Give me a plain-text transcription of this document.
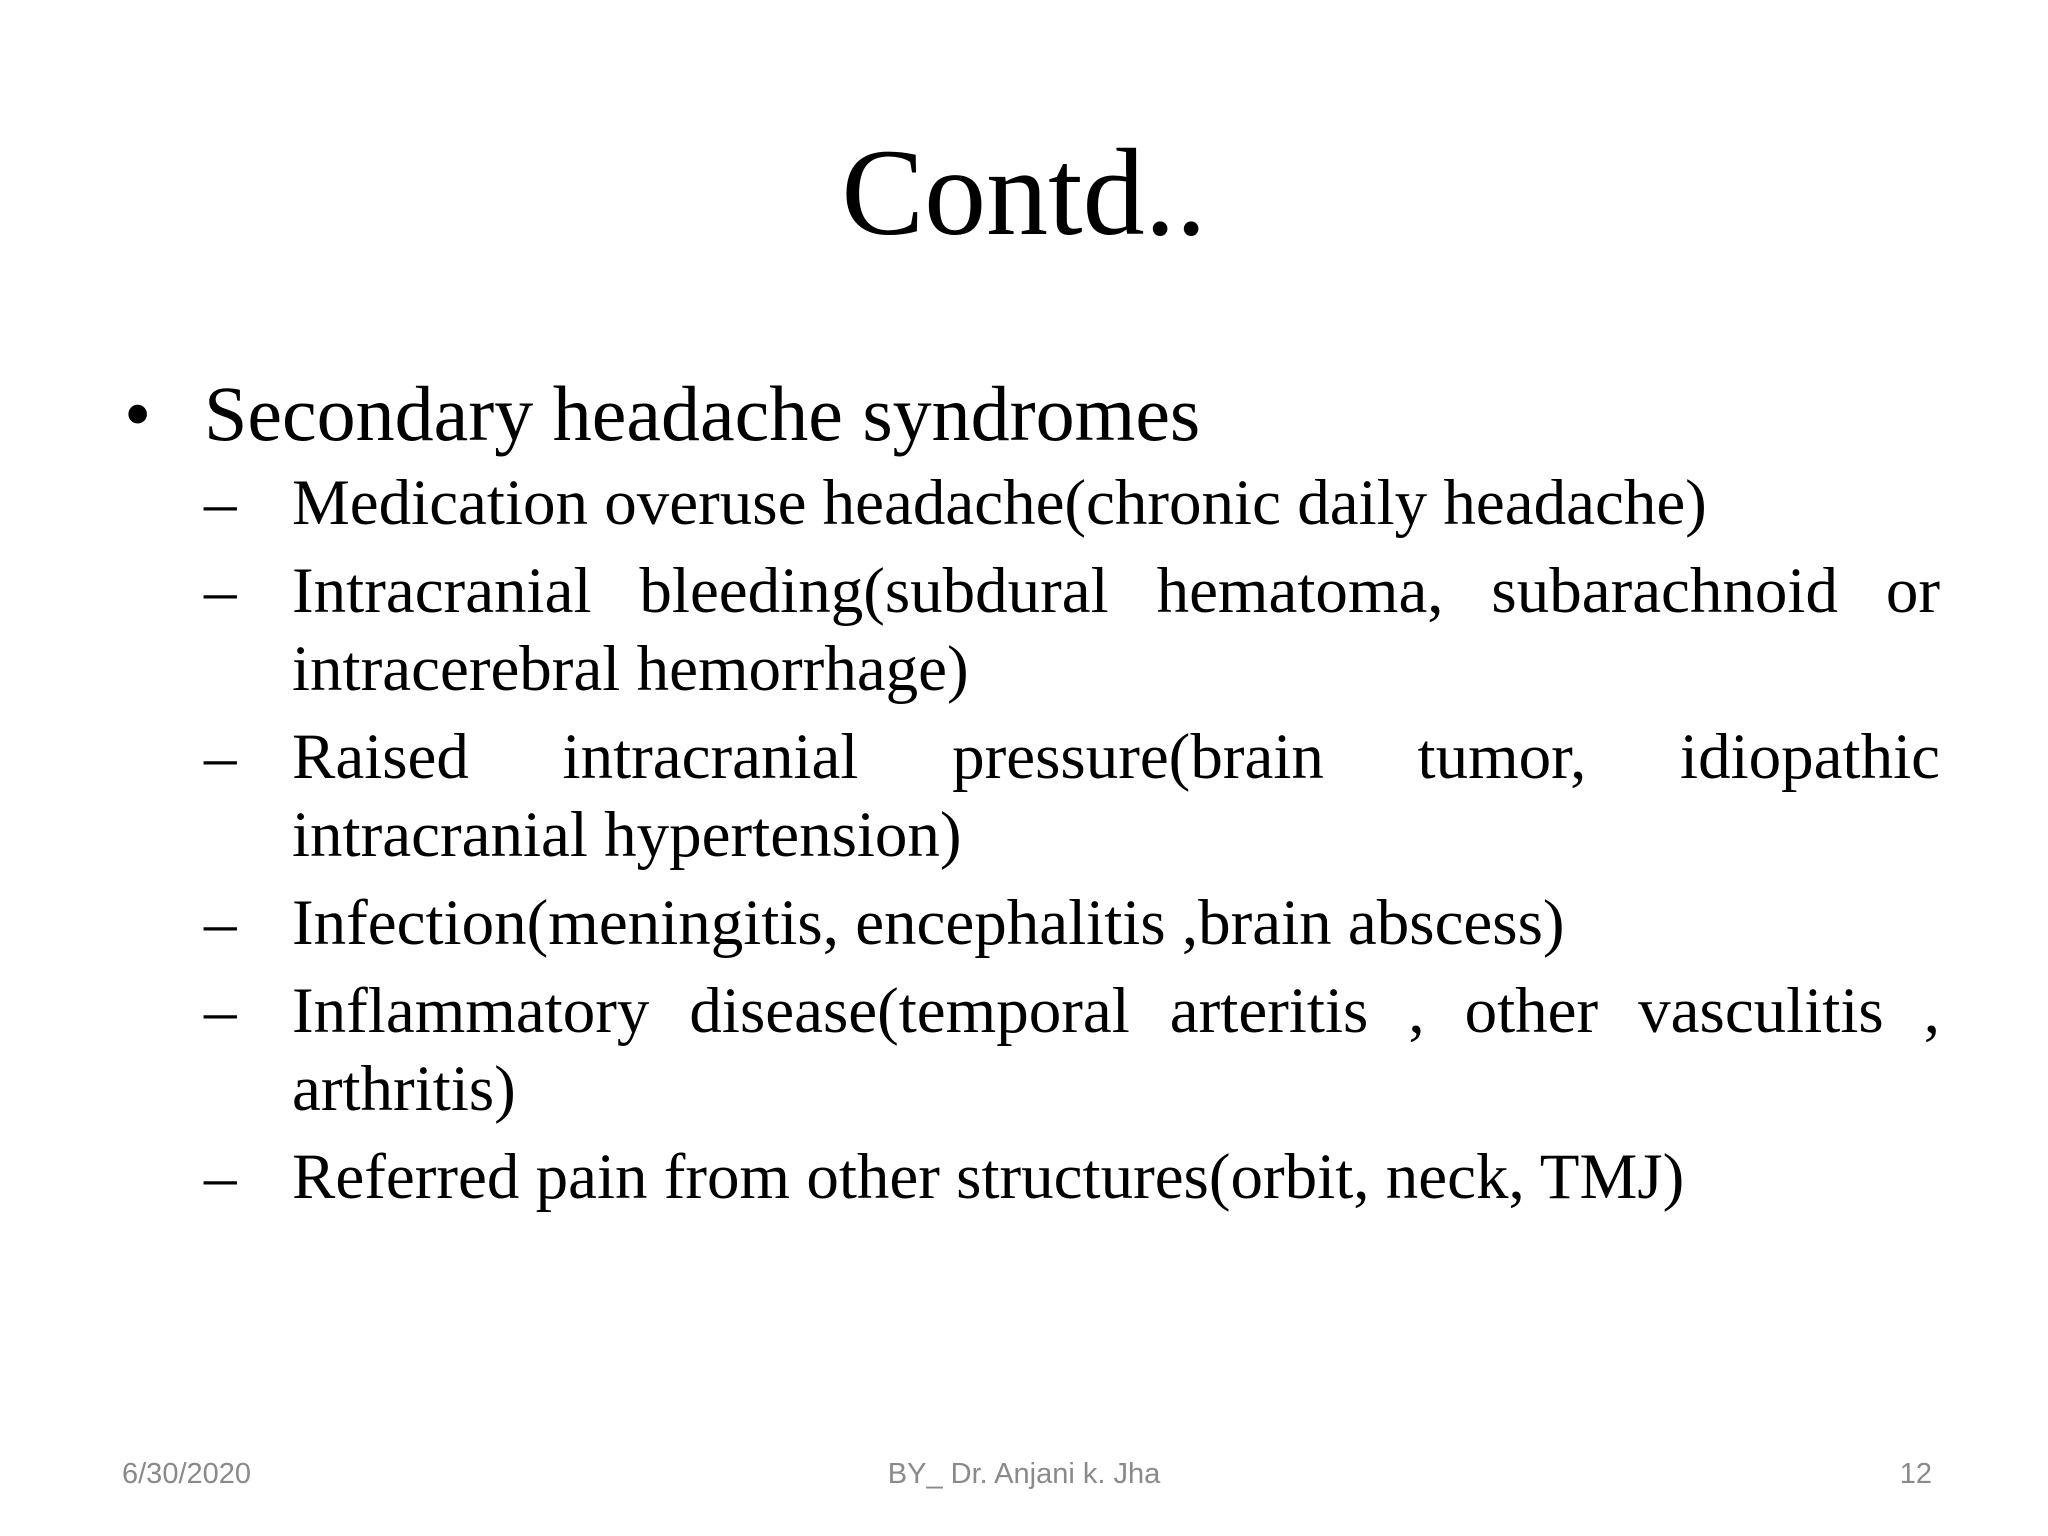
Contd..
• Secondary headache syndromes
– Medication overuse headache(chronic daily headache)
– Intracranial bleeding(subdural hematoma, subarachnoid or intracerebral hemorrhage)
– Raised intracranial pressure(brain tumor, idiopathic intracranial hypertension)
– Infection(meningitis, encephalitis ,brain abscess)
– Inflammatory disease(temporal arteritis , other vasculitis , arthritis)
– Referred pain from other structures(orbit, neck, TMJ)
6/30/2020	BY_ Dr. Anjani k. Jha	12
